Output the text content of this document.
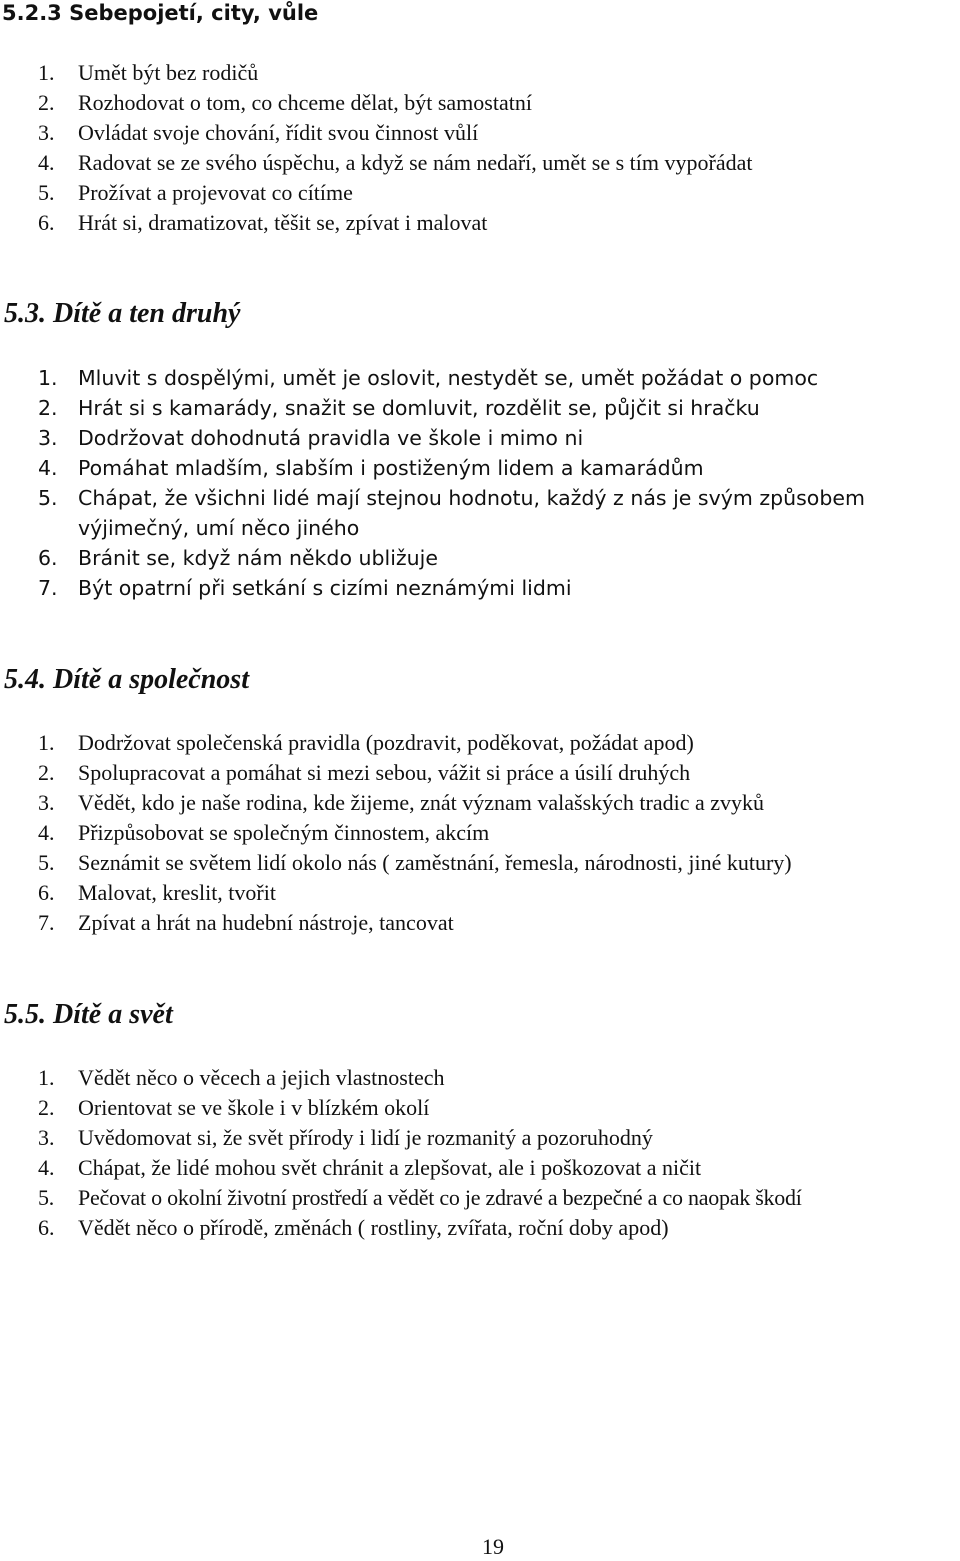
5.2.3 Sebepojetí, city, vůle
1. Umět být bez rodičů
2. Rozhodovat o tom, co chceme dělat, být samostatní
3. Ovládat svoje chování, řídit svou činnost vůlí
4. Radovat se ze svého úspěchu, a když se nám nedaří, umět se s tím vypořádat
5. Prožívat a projevovat co cítíme
6. Hrát si, dramatizovat, těšit se, zpívat i malovat
5.3. Dítě a ten druhý
1. Mluvit s dospělými, umět je oslovit, nestydět se, umět požádat o pomoc
2. Hrát si s kamarády, snažit se domluvit, rozdělit se, půjčit si hračku
3. Dodržovat dohodnutá pravidla ve škole i mimo ni
4. Pomáhat mladším, slabším i postiženým lidem a kamarádům
5. Chápat, že všichni lidé mají stejnou hodnotu, každý z nás je svým způsobem
výjimečný, umí něco jiného
6. Bránit se, když nám někdo ubližuje
7. Být opatrní při setkání s cizími neznámými lidmi
5.4. Dítě a společnost
1. Dodržovat společenská pravidla (pozdravit, poděkovat, požádat apod)
2. Spolupracovat a pomáhat si mezi sebou, vážit si práce a úsilí druhých
3. Vědět, kdo je naše rodina, kde žijeme, znát význam valašských tradic a zvyků
4. Přizpůsobovat se společným činnostem, akcím
5. Seznámit se světem lidí okolo nás ( zaměstnání, řemesla, národnosti, jiné kutury)
6. Malovat, kreslit, tvořit
7. Zpívat a hrát na hudební nástroje, tancovat
5.5. Dítě a svět
1. Vědět něco o věcech a jejich vlastnostech
2. Orientovat se ve škole i v blízkém okolí
3. Uvědomovat si, že svět přírody i lidí je rozmanitý a pozoruhodný
4. Chápat, že lidé mohou svět chránit a zlepšovat, ale i poškozovat a ničit
5. Pečovat o okolní životní prostředí a vědět co je zdravé a bezpečné a co naopak škodí
6. Vědět něco o přírodě, změnách ( rostliny, zvířata, roční doby apod)
19
